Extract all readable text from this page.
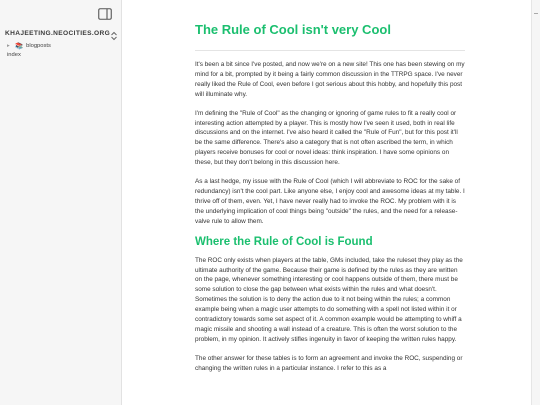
KHAJEETING.NEOCITIES.ORG
▸ 📚 blogposts
index
The Rule of Cool isn't very Cool

It's been a bit since I've posted, and now we're on a new site! This one has been stewing on my mind for a bit, prompted by it being a fairly common discussion in the TTRPG space. I've never really liked the Rule of Cool, even before I got serious about this hobby, and hopefully this post will illuminate why.

I'm defining the "Rule of Cool" as the changing or ignoring of game rules to fit a really cool or interesting action attempted by a player. This is mostly how I've seen it used, both in real life discussions and on the internet. I've also heard it called the "Rule of Fun", but for this post it'll be the same difference. There's also a category that is not often ascribed the term, in which players receive bonuses for cool or novel ideas: think inspiration. I have some opinions on these, but they don't belong in this discussion here.

As a last hedge, my issue with the Rule of Cool (which I will abbreviate to ROC for the sake of redundancy) isn't the cool part. Like anyone else, I enjoy cool and awesome ideas at my table. I thrive off of them, even. Yet, I have never really had to invoke the ROC. My problem with it is the underlying implication of cool things being "outside" the rules, and the need for a release-valve rule to allow them.

Where the Rule of Cool is Found

The ROC only exists when players at the table, GMs included, take the ruleset they play as the ultimate authority of the game. Because their game is defined by the rules as they are written on the page, whenever something interesting or cool happens outside of them, there must be some solution to close the gap between what exists within the rules and what doesn't. Sometimes the solution is to deny the action due to it not being within the rules; a common example being when a magic user attempts to do something with a spell not listed within it or contradictory towards some set aspect of it. A common example would be attempting to whiff a magic missile and shooting a wall instead of a creature. This is often the worst solution to the problem, in my opinion. It actively stifles ingenuity in favor of keeping the written rules happy.

The other answer for these tables is to form an agreement and invoke the ROC, suspending or changing the written rules in a particular instance. I refer to this as a
